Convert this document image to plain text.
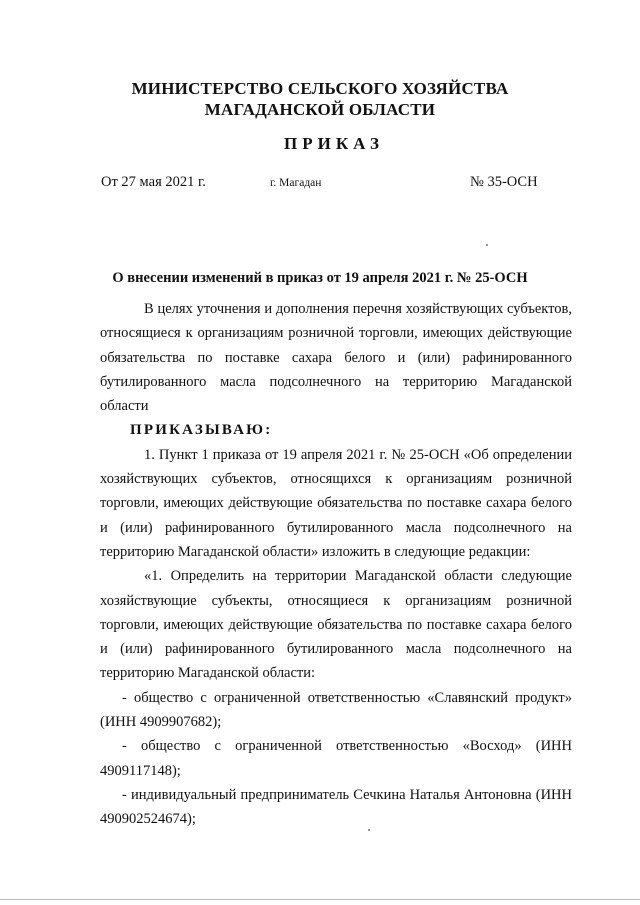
МИНИСТЕРСТВО СЕЛЬСКОГО ХОЗЯЙСТВА
МАГАДАНСКОЙ ОБЛАСТИ
ПРИКАЗ
От 27 мая 2021 г.	г. Магадан	№ 35-ОСН
О внесении изменений в приказ от 19 апреля 2021 г. № 25-ОСН

В целях уточнения и дополнения перечня хозяйствующих субъектов, относящиеся к организациям розничной торговли, имеющих действующие обязательства по поставке сахара белого и (или) рафинированного бутилированного масла подсолнечного на территорию Магаданской области

ПРИКАЗЫВАЮ:

1. Пункт 1 приказа от 19 апреля 2021 г. № 25-ОСН «Об определении хозяйствующих субъектов, относящихся к организациям розничной торговли, имеющих действующие обязательства по поставке сахара белого и (или) рафинированного бутилированного масла подсолнечного на территорию Магаданской области» изложить в следующие редакции:

«1. Определить на территории Магаданской области следующие хозяйствующие субъекты, относящиеся к организациям розничной торговли, имеющих действующие обязательства по поставке сахара белого и (или) рафинированного бутилированного масла подсолнечного на территорию Магаданской области:

- общество с ограниченной ответственностью «Славянский продукт» (ИНН 4909907682);

- общество с ограниченной ответственностью «Восход» (ИНН 4909117148);

- индивидуальный предприниматель Сечкина Наталья Антоновна (ИНН 490902524674);
